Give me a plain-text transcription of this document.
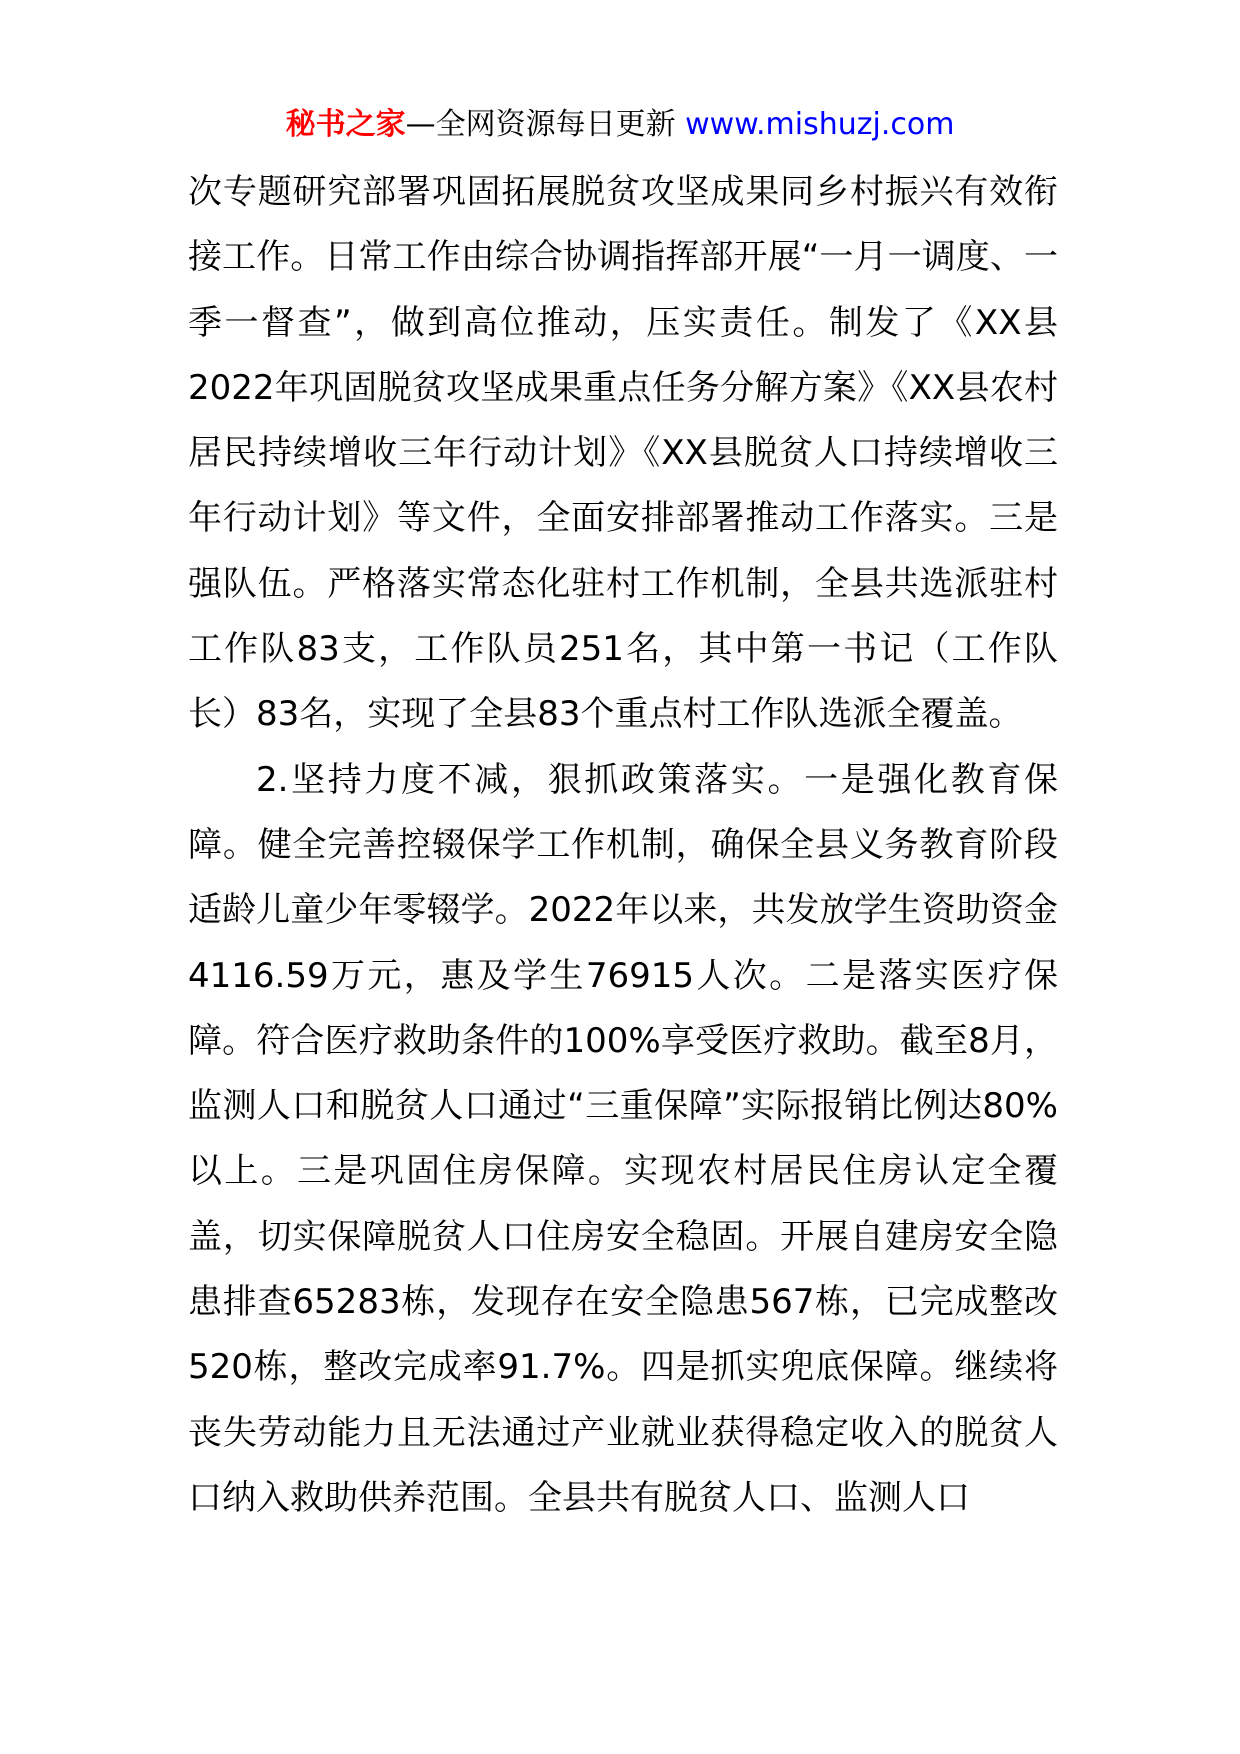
秘书之家—全网资源每日更新 www.mishuzj.com

次专题研究部署巩固拓展脱贫攻坚成果同乡村振兴有效衔接工作。日常工作由综合协调指挥部开展“一月一调度、一季一督查”，做到高位推动，压实责任。制发了《XX县2022年巩固脱贫攻坚成果重点任务分解方案》《XX县农村居民持续增收三年行动计划》《XX县脱贫人口持续增收三年行动计划》等文件，全面安排部署推动工作落实。三是强队伍。严格落实常态化驻村工作机制，全县共选派驻村工作队83支，工作队员251名，其中第一书记（工作队长）83名，实现了全县83个重点村工作队选派全覆盖。

2.坚持力度不减，狠抓政策落实。一是强化教育保障。健全完善控辍保学工作机制，确保全县义务教育阶段适龄儿童少年零辍学。2022年以来，共发放学生资助资金4116.59万元，惠及学生76915人次。二是落实医疗保障。符合医疗救助条件的100%享受医疗救助。截至8月，监测人口和脱贫人口通过“三重保障”实际报销比例达80%以上。三是巩固住房保障。实现农村居民住房认定全覆盖，切实保障脱贫人口住房安全稳固。开展自建房安全隐患排查65283栋，发现存在安全隐患567栋，已完成整改520栋，整改完成率91.7%。四是抓实兜底保障。继续将丧失劳动能力且无法通过产业就业获得稳定收入的脱贫人口纳入救助供养范围。全县共有脱贫人口、监测人口
